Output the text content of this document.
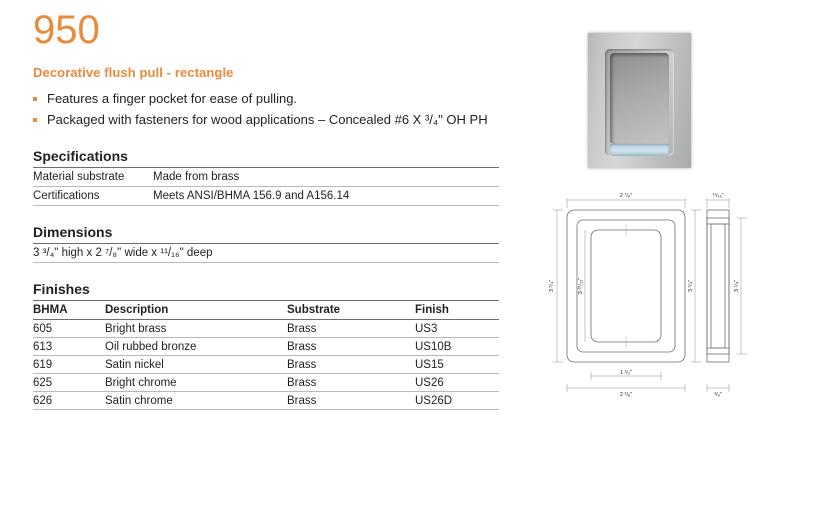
950
Decorative flush pull - rectangle
Features a finger pocket for ease of pulling.
Packaged with fasteners for wood applications – Concealed #6 X ³/₄" OH PH
Specifications
Material substrate	Made from brass
Certifications	Meets ANSI/BHMA 156.9 and A156.14
Dimensions
3 ³/₄" high x 2 ⁷/₈" wide x ¹¹/₁₆" deep
Finishes
BHMA	Description	Substrate	Finish
605	Bright brass	Brass	US3
613	Oil rubbed bronze	Brass	US10B
619	Satin nickel	Brass	US15
625	Bright chrome	Brass	US26
626	Satin chrome	Brass	US26D
2 ⁷/₈"	¹¹/₁₆"
3 ³/₄"	3 ²⁰/₃₂"	3 ³/₄"	3 ¹/₄"
1 ¹/₂"
2 ³/₈"	³/₄"
